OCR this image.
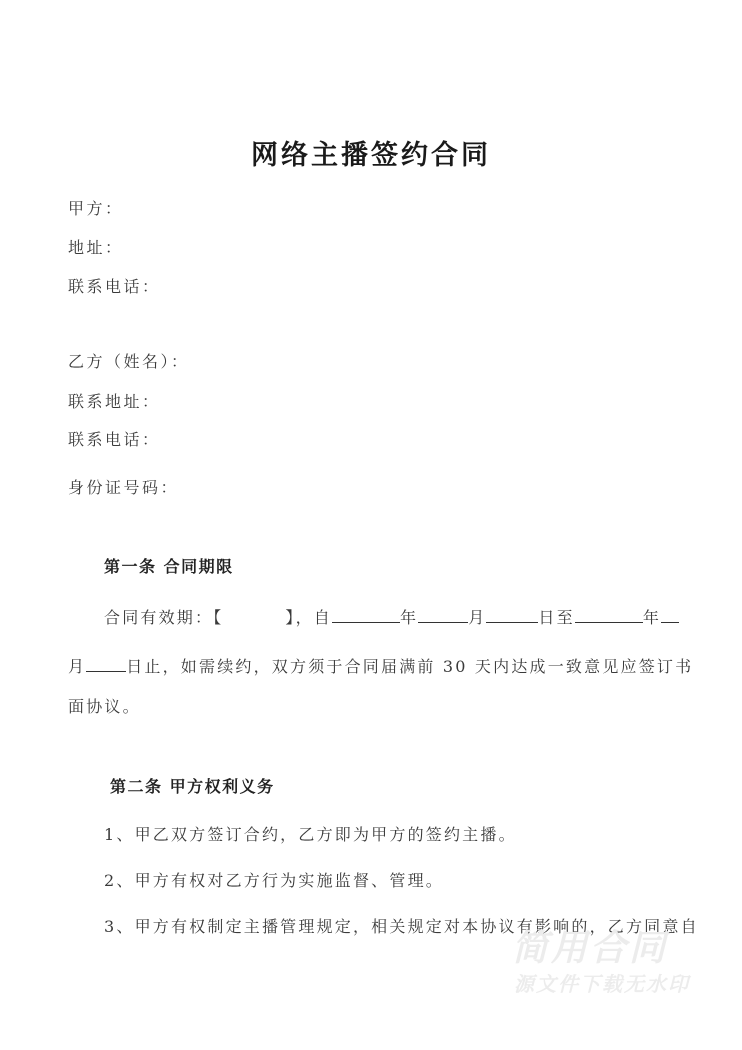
网络主播签约合同
甲方：
地址：
联系电话：
乙方（姓名）：
联系地址：
联系电话：
身份证号码：
第一条 合同期限
合同有效期：【	】，自	年	月	日至	年
月	日止，如需续约，双方须于合同届满前 30 天内达成一致意见应签订书
面协议。
第二条 甲方权利义务
1、甲乙双方签订合约，乙方即为甲方的签约主播。
2、甲方有权对乙方行为实施监督、管理。
3、甲方有权制定主播管理规定，相关规定对本协议有影响的，乙方同意自
简用合同
源文件下载无水印
